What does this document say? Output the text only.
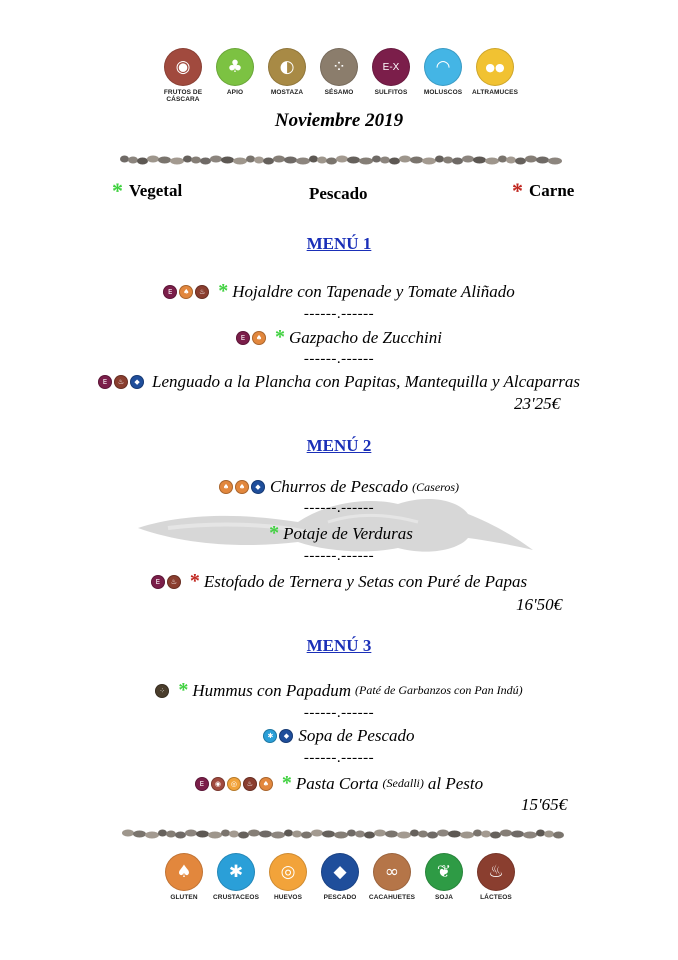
◉
FRUTOS DE CÁSCARA
♣
APIO
◐
MOSTAZA
⁘
SÉSAMO
E-X
SULFITOS
◠
MOLUSCOS
●●
ALTRAMUCES
Noviembre 2019
* Vegetal	Pescado	* Carne
MENÚ 1
E	♠	♨ * Hojaldre con Tapenade y Tomate Aliñado
------.------
E	♠ * Gazpacho de Zucchini
------.------
E	♨	◆ Lenguado a la Plancha con Papitas, Mantequilla y Alcaparras
23'25€
MENÚ 2
♠	♠	◆ Churros de Pescado (Caseros)
------.------
* Potaje de Verduras
------.------
E	♨ * Estofado de Ternera y Setas con Puré de Papas
16'50€
MENÚ 3
⁘ * Hummus con Papadum (Paté de Garbanzos con Pan Indú)
------.------
✱	◆ Sopa de Pescado
------.------
E	◉	◎	♨	♠ * Pasta Corta (Sedalli) al Pesto
15'65€
♠
GLUTEN
✱
CRUSTACEOS
◎
HUEVOS
◆
PESCADO
∞
CACAHUETES
❦
SOJA
♨
LÁCTEOS
